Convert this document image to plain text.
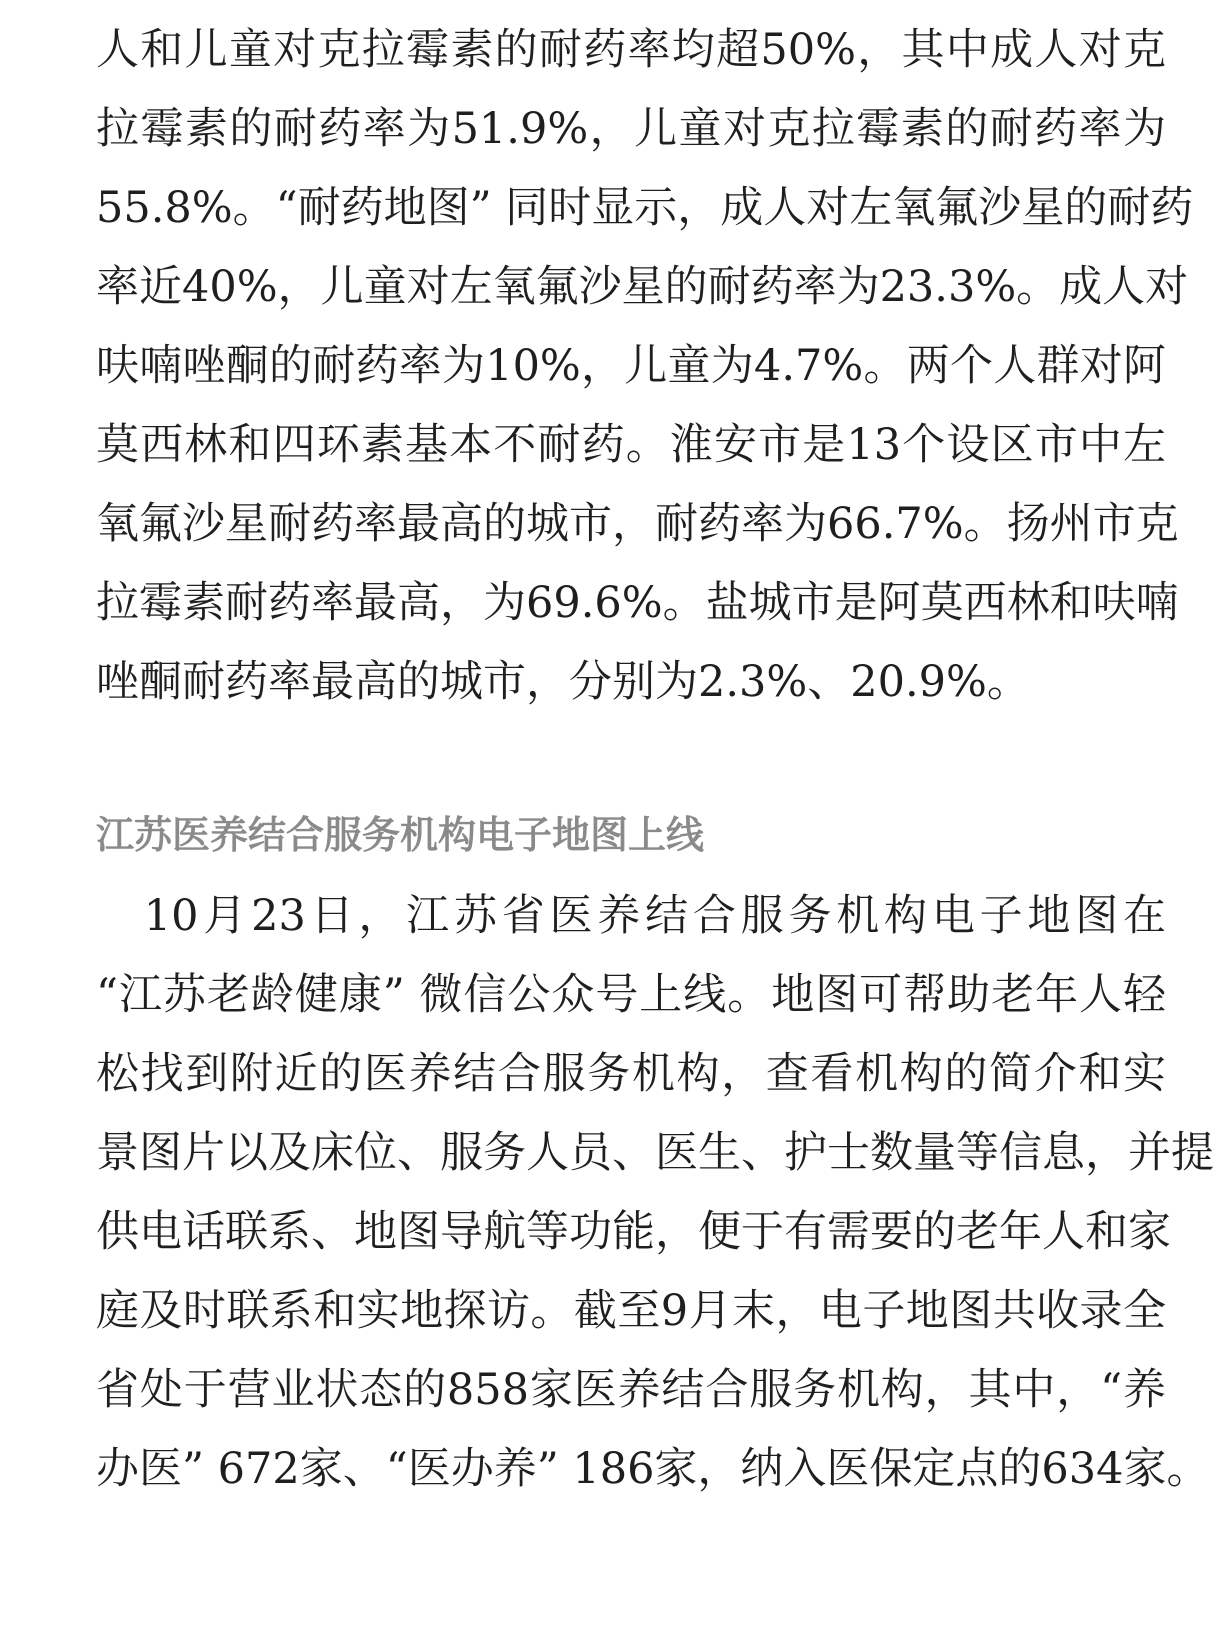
人和儿童对克拉霉素的耐药率均超50%，其中成人对克

拉霉素的耐药率为51.9%，儿童对克拉霉素的耐药率为

55.8%。“耐药地图” 同时显示，成人对左氧氟沙星的耐药

率近40%，儿童对左氧氟沙星的耐药率为23.3%。成人对

呋喃唑酮的耐药率为10%，儿童为4.7%。两个人群对阿

莫西林和四环素基本不耐药。淮安市是13个设区市中左

氧氟沙星耐药率最高的城市，耐药率为66.7%。扬州市克

拉霉素耐药率最高，为69.6%。盐城市是阿莫西林和呋喃

唑酮耐药率最高的城市，分别为2.3%、20.9%。

江苏医养结合服务机构电子地图上线

　10月23日，江苏省医养结合服务机构电子地图在

“江苏老龄健康” 微信公众号上线。地图可帮助老年人轻

松找到附近的医养结合服务机构，查看机构的简介和实

景图片以及床位、服务人员、医生、护士数量等信息，并提

供电话联系、地图导航等功能，便于有需要的老年人和家

庭及时联系和实地探访。截至9月末，电子地图共收录全

省处于营业状态的858家医养结合服务机构，其中，“养

办医” 672家、“医办养” 186家，纳入医保定点的634家。
